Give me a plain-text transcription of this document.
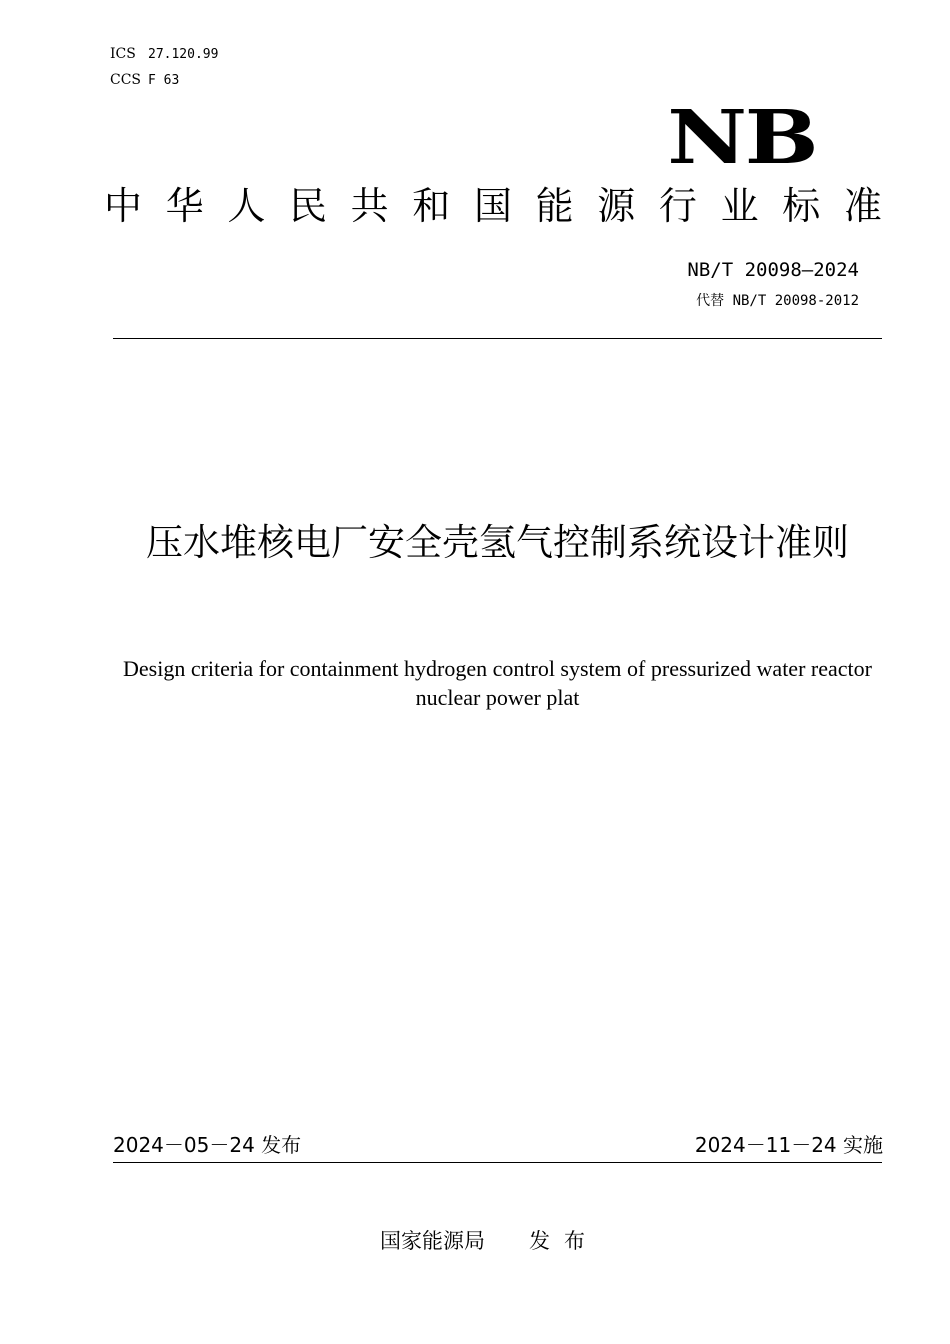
ICS 27.120.99
CCS F 63
NB
中 华 人 民 共 和 国 能 源 行 业 标 准
NB/T 20098—2024
代替 NB/T 20098-2012
压水堆核电厂安全壳氢气控制系统设计准则
Design criteria for containment hydrogen control system of pressurized water reactor nuclear power plat
2024－05－24 发布	2024－11－24 实施
国家能源局 发布
